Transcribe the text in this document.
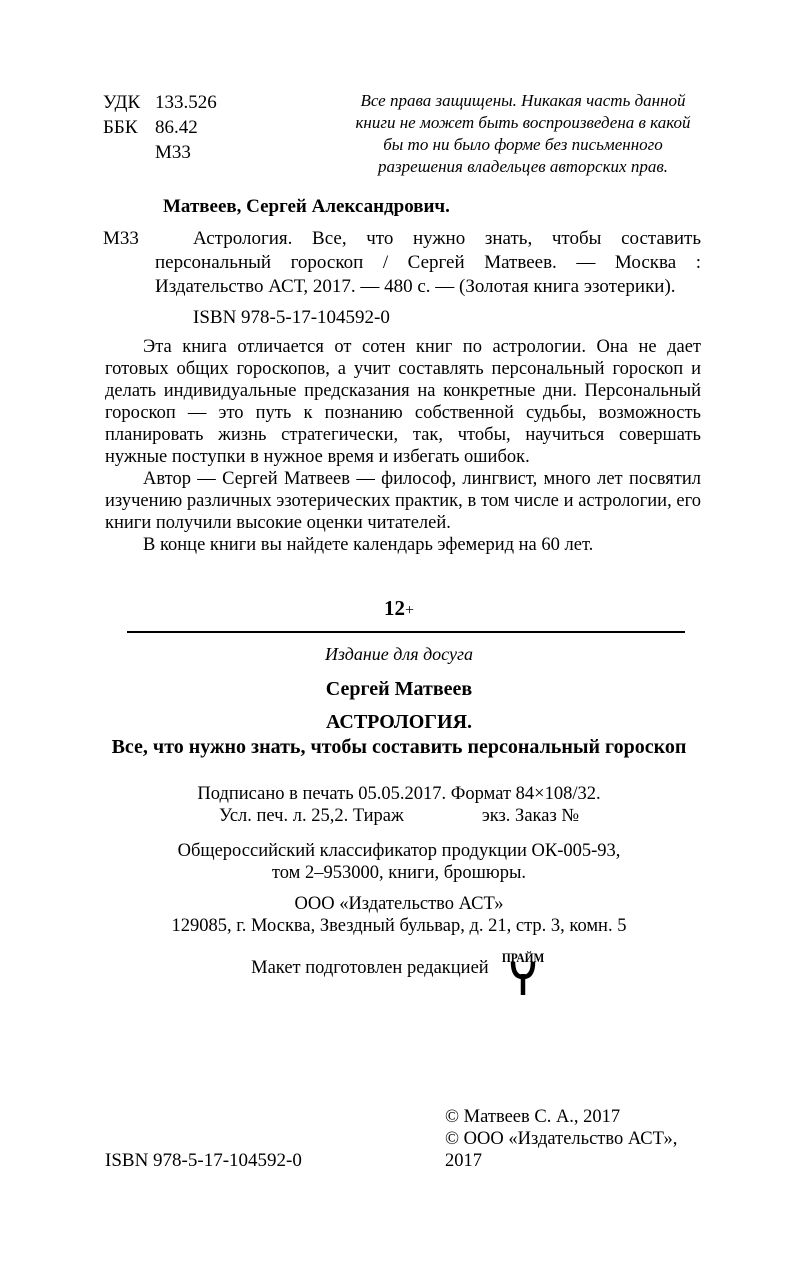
УДК 133.526
ББК 86.42
М33
Все права защищены. Никакая часть данной книги не может быть воспроизведена в какой бы то ни было форме без письменного разрешения владельцев авторских прав.
Матвеев, Сергей Александрович.
М33	Астрология. Все, что нужно знать, чтобы составить персональный гороскоп / Сергей Матвеев. — Москва : Издательство АСТ, 2017. — 480 с. — (Золотая книга эзотерики).

ISBN 978-5-17-104592-0

Эта книга отличается от сотен книг по астрологии. Она не дает готовых общих гороскопов, а учит составлять персональный гороскоп и делать индивидуальные предсказания на конкретные дни. Персональный гороскоп — это путь к познанию собственной судьбы, возможность планировать жизнь стратегически, так, чтобы, научиться совершать нужные поступки в нужное время и избегать ошибок.

Автор — Сергей Матвеев — философ, лингвист, много лет посвятил изучению различных эзотерических практик, в том числе и астрологии, его книги получили высокие оценки читателей.

В конце книги вы найдете календарь эфемерид на 60 лет.

12+
Издание для досуга
Сергей Матвеев
АСТРОЛОГИЯ.
Все, что нужно знать, чтобы составить персональный гороскоп
Подписано в печать 05.05.2017. Формат 84×108/32.
Усл. печ. л. 25,2. Тираж	экз. Заказ №
Общероссийский классификатор продукции ОК-005-93,
том 2–953000, книги, брошюры.
ООО «Издательство АСТ»
129085, г. Москва, Звездный бульвар, д. 21, стр. 3, комн. 5
Макет подготовлен редакцией
ПРАЙМ
ISBN 978-5-17-104592-0
© Матвеев С. А., 2017
© ООО «Издательство АСТ», 2017
